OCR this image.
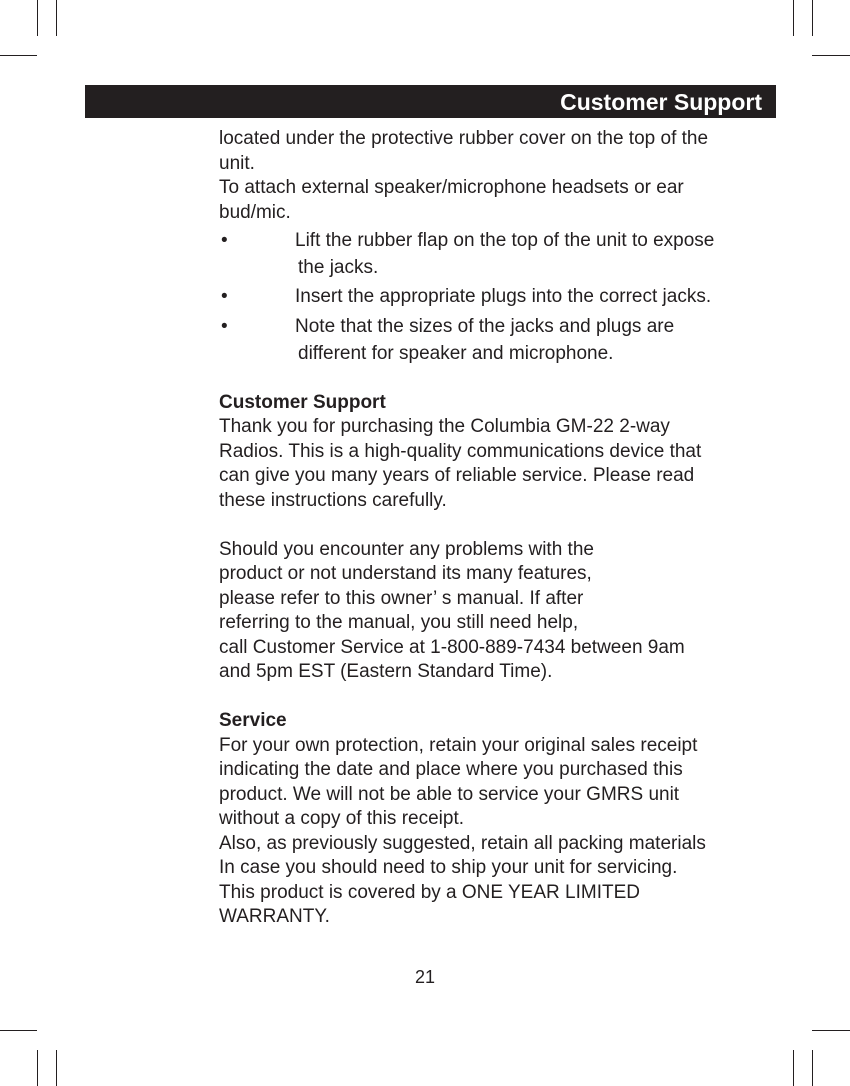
Customer Support

located under the protective rubber cover on the top of the

unit.

To attach external speaker/microphone headsets or ear

bud/mic.

•	Lift the rubber flap on the top of the unit to expose
the jacks.
•	Insert the appropriate plugs into the correct jacks.
•	Note that the sizes of the jacks and plugs are
different for speaker and microphone.

Customer Support

Thank you for purchasing the Columbia GM-22 2-way

Radios. This is a high-quality communications device that

can give you many years of reliable service. Please read

these instructions carefully.

Should you encounter any problems with the

product or not understand its many features,

please refer to this owner’ s manual. If after

referring to the manual, you still need help,

call Customer Service at 1-800-889-7434 between 9am

and 5pm EST (Eastern Standard Time).

Service

For your own protection, retain your original sales receipt

indicating the date and place where you purchased this

product. We will not be able to service your GMRS unit

without a copy of this receipt.

Also, as previously suggested, retain all packing materials

In case you should need to ship your unit for servicing.

This product is covered by a ONE YEAR LIMITED

WARRANTY.

21
